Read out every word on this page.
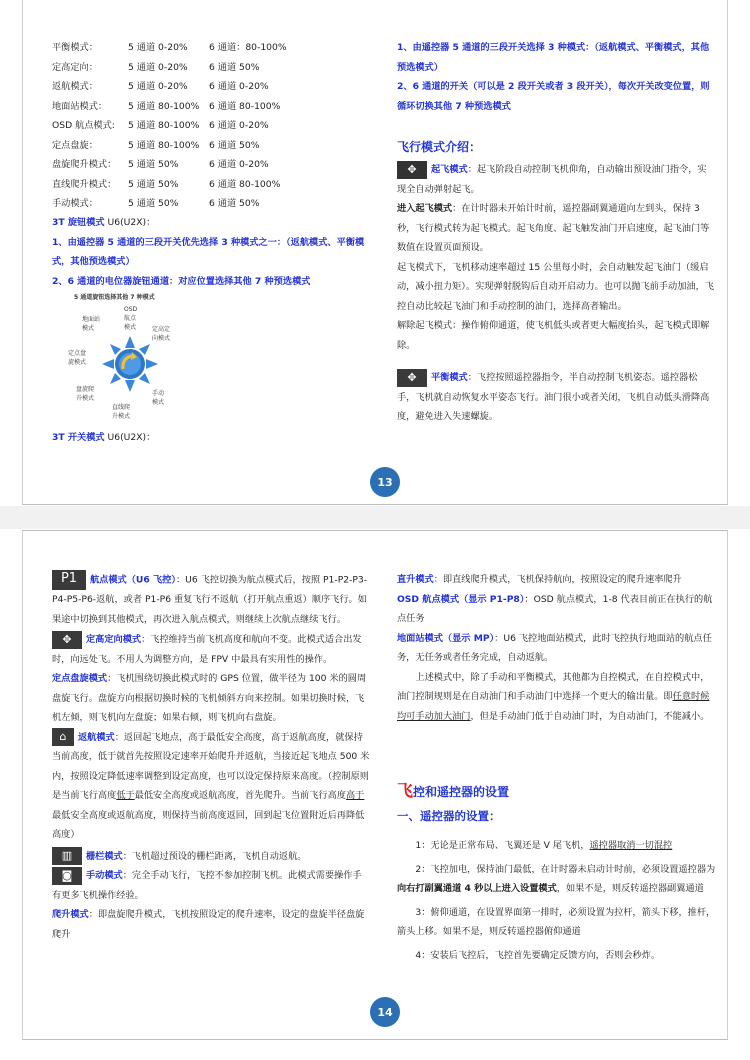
平衡模式：	5 通道 0-20%	6 通道：80-100%
定高定向：	5 通道 0-20%	6 通道 50%
返航模式：	5 通道 0-20%	6 通道 0-20%
地面站模式：	5 通道 80-100%	6 通道 80-100%
OSD 航点模式:	5 通道 80-100%	6 通道 0-20%
定点盘旋：	5 通道 80-100%	6 通道 50%
盘旋爬升模式：	5 通道 50%	6 通道 0-20%
直线爬升模式：	5 通道 50%	6 通道 80-100%
手动模式：	5 通道 50%	6 通道 50%

3T 旋钮模式 U6(U2X)：

1、由遥控器 5 通道的三段开关优先选择 3 种模式之一：（返航模式、平衡模式，其他预选模式）

2、6 通道的电位器旋钮通道：对应位置选择其他 7 种预选模式

5 通道旋钮选择其他 7 种模式
地面站
模式
OSD
航点
模式	定高定
向模式
定点盘
旋模式
盘旋爬
升模式
直线爬
升模式
手动
模式

3T 开关模式 U6(U2X)：

1、由遥控器 5 通道的三段开关选择 3 种模式：（返航模式、平衡模式，其他预选模式）

2、6 通道的开关（可以是 2 段开关或者 3 段开关），每次开关改变位置，则循环切换其他 7 种预选模式

飞行模式介绍：

✥ 起飞模式：起飞阶段自动控制飞机仰角，自动输出预设油门指令，实现全自动弹射起飞。

进入起飞模式：在计时器未开始计时前，遥控器副翼通道向左到头，保持 3 秒，飞行模式转为起飞模式。起飞角度、起飞触发油门开启速度，起飞油门等数值在设置页面预设。

起飞模式下，飞机移动速率超过 15 公里每小时，会自动触发起飞油门（缓启动，减小扭力矩）。实现弹射脱钩后自动开启动力。也可以抛飞前手动加油，飞控自动比较起飞油门和手动控制的油门，选择高者输出。

解除起飞模式：操作俯仰通道，使飞机低头或者更大幅度抬头，起飞模式即解除。

✥ 平衡模式：飞控按照遥控器指令，半自动控制飞机姿态。遥控器松手，飞机就自动恢复水平姿态飞行。油门很小或者关闭，飞机自动低头滑降高度，避免进入失速螺旋。

13

P1 航点模式（U6 飞控）：U6 飞控切换为航点模式后，按照 P1-P2-P3-P4-P5-P6-返航，或者 P1-P6 重复飞行不返航（打开航点重返）顺序飞行。如果途中切换到其他模式，再次进入航点模式，则继续上次航点继续飞行。

✥ 定高定向模式：飞控维持当前飞机高度和航向不变。此模式适合出发时，向远处飞。不用人为调整方向，是 FPV 中最具有实用性的操作。

定点盘旋模式：飞机围绕切换此模式时的 GPS 位置，做半径为 100 米的圆周盘旋飞行。盘旋方向根据切换时候的飞机倾斜方向来控制。如果切换时候，飞机左倾，则飞机向左盘旋；如果右倾，则飞机向右盘旋。

⌂ 返航模式：返回起飞地点，高于最低安全高度，高于返航高度，就保持当前高度，低于就首先按照设定速率开始爬升并返航，当接近起飞地点 500 米内，按照设定降低速率调整到设定高度，也可以设定保持原来高度。（控制原则是当前飞行高度低于最低安全高度或返航高度，首先爬升。当前飞行高度高于最低安全高度或返航高度，则保持当前高度返回，回到起飞位置附近后再降低高度）

▥ 栅栏模式：飞机超过预设的栅栏距离，飞机自动返航。

◙ 手动模式：完全手动飞行，飞控不参加控制飞机。此模式需要操作手有更多飞机操作经验。

爬升模式：即盘旋爬升模式，飞机按照设定的爬升速率，设定的盘旋半径盘旋爬升

直升模式：即直线爬升模式，飞机保持航向，按照设定的爬升速率爬升

OSD 航点模式（显示 P1-P8）：OSD 航点模式，1-8 代表目前正在执行的航点任务

地面站模式（显示 MP）：U6 飞控地面站模式，此时飞控执行地面站的航点任务，无任务或者任务完成，自动返航。

上述模式中，除了手动和平衡模式，其他都为自控模式，在自控模式中，油门控制规则是在自动油门和手动油门中选择一个更大的输出量。即任意时候均可手动加大油门，但是手动油门低于自动油门时，为自动油门，不能减小。

飞控和遥控器的设置
一、遥控器的设置：

1：无论是正常布局、飞翼还是 V 尾飞机，遥控器取消一切混控

2：飞控加电，保持油门最低，在计时器未启动计时前，必须设置遥控器为向右打副翼通道 4 秒以上进入设置模式，如果不是，则反转遥控器副翼通道

3：俯仰通道，在设置界面第一排时，必须设置为拉杆，箭头下移，推杆，箭头上移。如果不是，则反转遥控器俯仰通道

4：安装后飞控后，飞控首先要确定反馈方向，否则会秒炸。

14
